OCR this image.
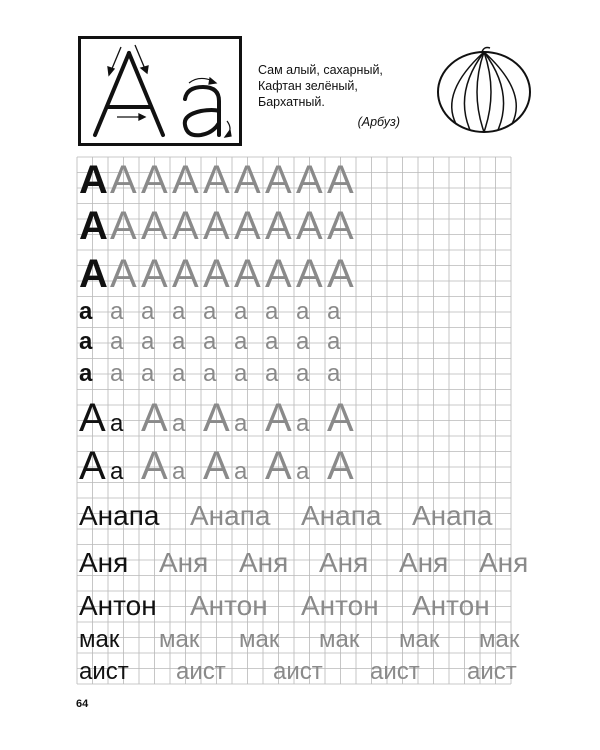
Сам алый, сахарный,
Кафтан зелёный,
Бархатный.
(Арбуз)
А А А А А А А А А
А А А А А А А А А
А А А А А А А А А
а а а а а а а а а
а а а а а а а а а
а а а а а а а а а
А а А а А а А а А
А а А а А а А а А
Анапа Анапа Анапа Анапа
Аня Аня Аня Аня Аня Аня
Антон Антон Антон Антон
мак мак мак мак мак мак
аист аист аист аист аист
64
